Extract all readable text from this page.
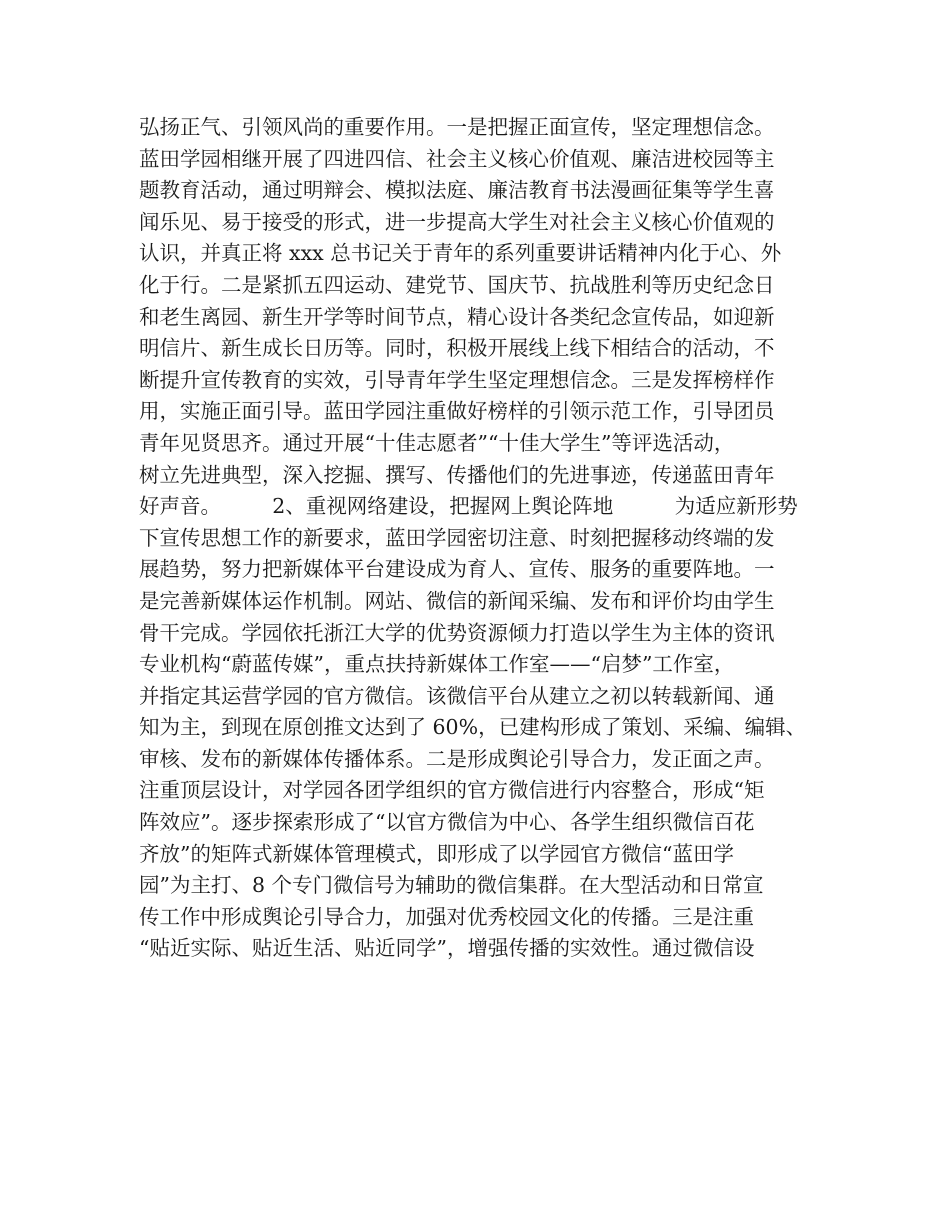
弘扬正气、引领风尚的重要作用。一是把握正面宣传，坚定理想信念。
蓝田学园相继开展了四进四信、社会主义核心价值观、廉洁进校园等主
题教育活动，通过明辩会、模拟法庭、廉洁教育书法漫画征集等学生喜
闻乐见、易于接受的形式，进一步提高大学生对社会主义核心价值观的
认识，并真正将 xxx 总书记关于青年的系列重要讲话精神内化于心、外
化于行。二是紧抓五四运动、建党节、国庆节、抗战胜利等历史纪念日
和老生离园、新生开学等时间节点，精心设计各类纪念宣传品，如迎新
明信片、新生成长日历等。同时，积极开展线上线下相结合的活动，不
断提升宣传教育的实效，引导青年学生坚定理想信念。三是发挥榜样作
用，实施正面引导。蓝田学园注重做好榜样的引领示范工作，引导团员
青年见贤思齐。通过开展“十佳志愿者”“十佳大学生”等评选活动，
树立先进典型，深入挖掘、撰写、传播他们的先进事迹，传递蓝田青年
好声音。　　　2、重视网络建设，把握网上舆论阵地　　　为适应新形势
下宣传思想工作的新要求，蓝田学园密切注意、时刻把握移动终端的发
展趋势，努力把新媒体平台建设成为育人、宣传、服务的重要阵地。一
是完善新媒体运作机制。网站、微信的新闻采编、发布和评价均由学生
骨干完成。学园依托浙江大学的优势资源倾力打造以学生为主体的资讯
专业机构“蔚蓝传媒”，重点扶持新媒体工作室——“启梦”工作室，
并指定其运营学园的官方微信。该微信平台从建立之初以转载新闻、通
知为主，到现在原创推文达到了 60%，已建构形成了策划、采编、编辑、
审核、发布的新媒体传播体系。二是形成舆论引导合力，发正面之声。
注重顶层设计，对学园各团学组织的官方微信进行内容整合，形成“矩
阵效应”。逐步探索形成了“以官方微信为中心、各学生组织微信百花
齐放”的矩阵式新媒体管理模式，即形成了以学园官方微信“蓝田学
园”为主打、8 个专门微信号为辅助的微信集群。在大型活动和日常宣
传工作中形成舆论引导合力，加强对优秀校园文化的传播。三是注重
“贴近实际、贴近生活、贴近同学”，增强传播的实效性。通过微信设
